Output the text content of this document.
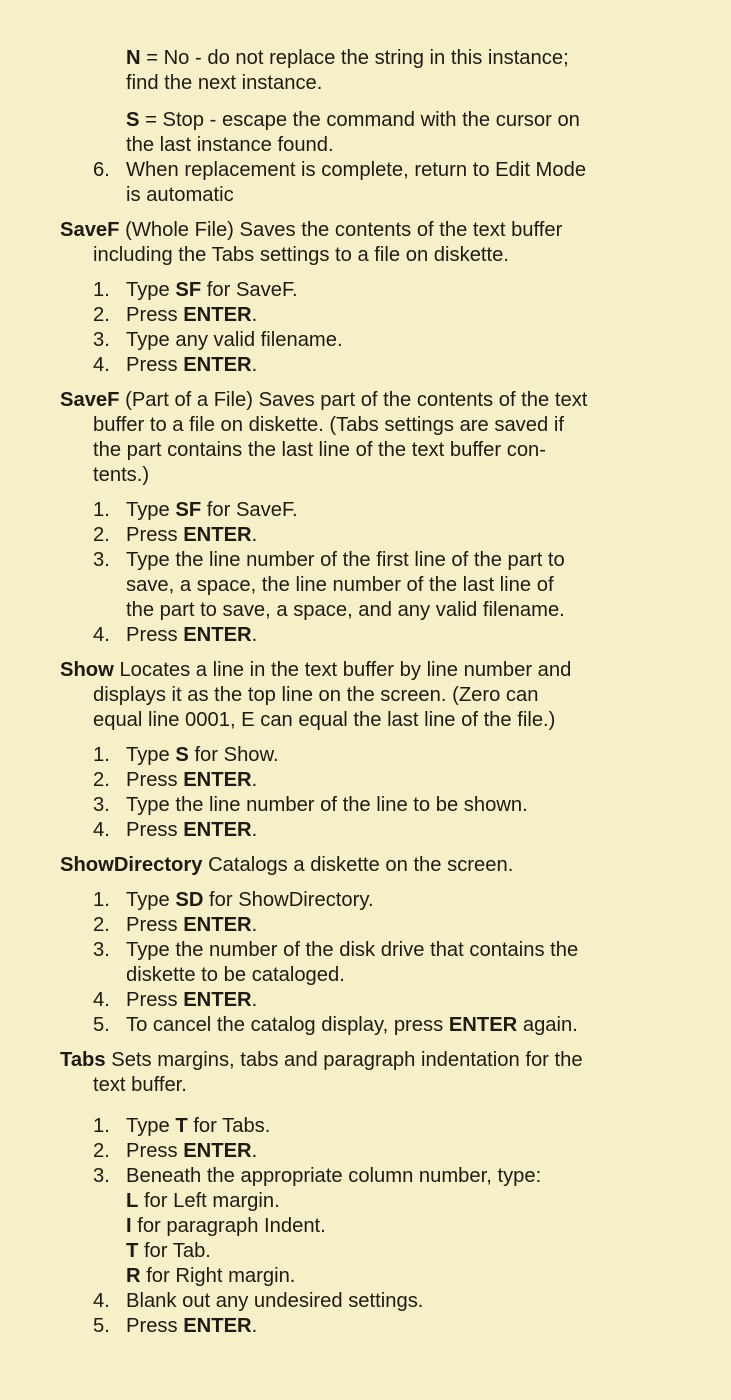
N = No - do not replace the string in this instance;
find the next instance.
S = Stop - escape the command with the cursor on
the last instance found.
6. When replacement is complete, return to Edit Mode
is automatic
SaveF (Whole File) Saves the contents of the text buffer
including the Tabs settings to a file on diskette.
1. Type SF for SaveF.
2. Press ENTER.
3. Type any valid filename.
4. Press ENTER.
SaveF (Part of a File) Saves part of the contents of the text
buffer to a file on diskette. (Tabs settings are saved if
the part contains the last line of the text buffer con-
tents.)
1. Type SF for SaveF.
2. Press ENTER.
3. Type the line number of the first line of the part to
save, a space, the line number of the last line of
the part to save, a space, and any valid filename.
4. Press ENTER.
Show Locates a line in the text buffer by line number and
displays it as the top line on the screen. (Zero can
equal line 0001, E can equal the last line of the file.)
1. Type S for Show.
2. Press ENTER.
3. Type the line number of the line to be shown.
4. Press ENTER.
ShowDirectory Catalogs a diskette on the screen.
1. Type SD for ShowDirectory.
2. Press ENTER.
3. Type the number of the disk drive that contains the
diskette to be cataloged.
4. Press ENTER.
5. To cancel the catalog display, press ENTER again.
Tabs Sets margins, tabs and paragraph indentation for the
text buffer.
1. Type T for Tabs.
2. Press ENTER.
3. Beneath the appropriate column number, type:
L for Left margin.
I for paragraph Indent.
T for Tab.
R for Right margin.
4. Blank out any undesired settings.
5. Press ENTER.
